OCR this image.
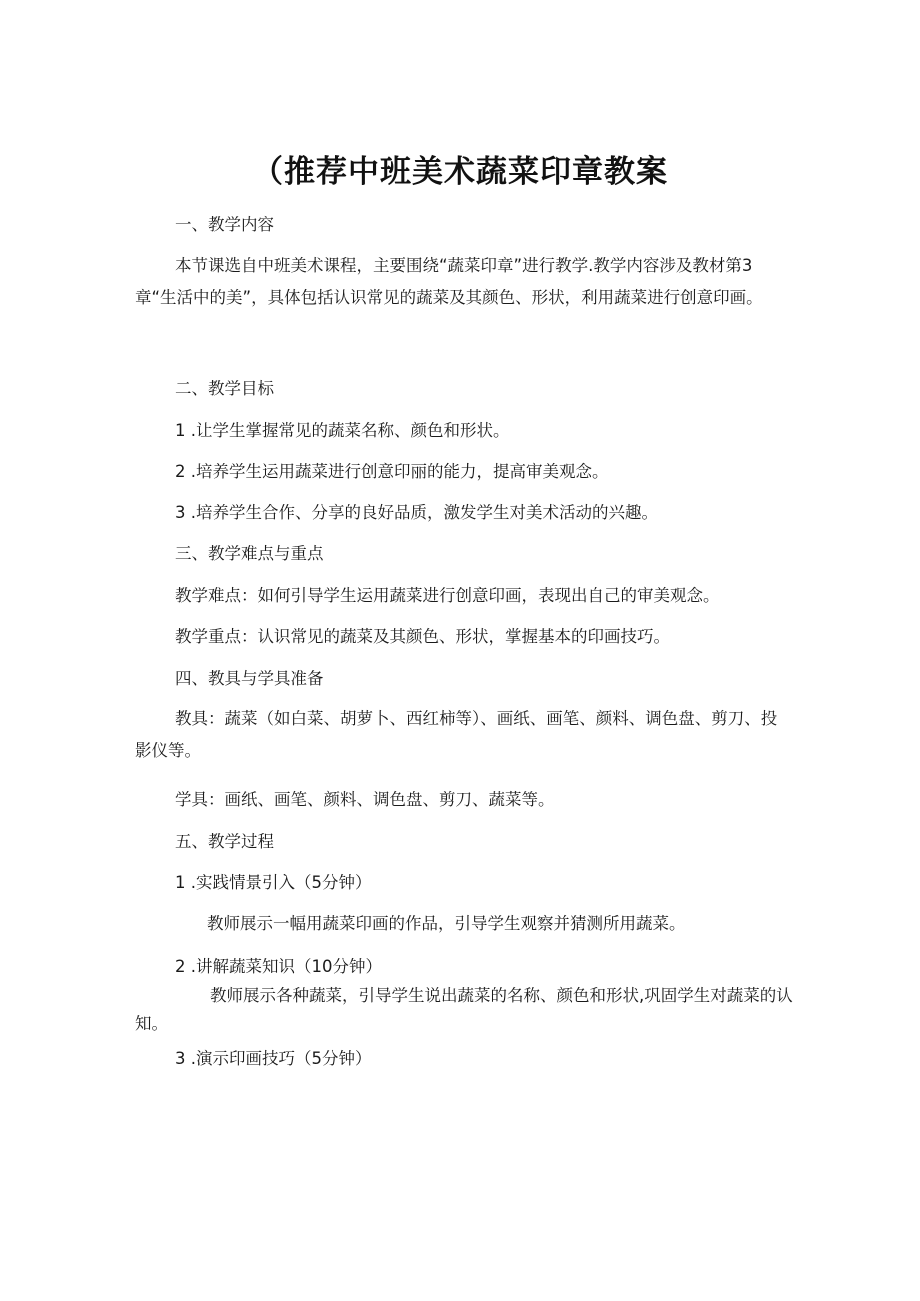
（推荐中班美术蔬菜印章教案
一、教学内容

本节课选自中班美术课程，主要围绕“蔬菜印章”进行教学.教学内容涉及教材第3章“生活中的美”，具体包括认识常见的蔬菜及其颜色、形状，利用蔬菜进行创意印画。

二、教学目标
1 .让学生掌握常见的蔬菜名称、颜色和形状。
2 .培养学生运用蔬菜进行创意印丽的能力，提高审美观念。
3 .培养学生合作、分享的良好品质，激发学生对美术活动的兴趣。
三、教学难点与重点
教学难点：如何引导学生运用蔬菜进行创意印画，表现出自己的审美观念。
教学重点：认识常见的蔬菜及其颜色、形状，掌握基本的印画技巧。
四、教具与学具准备

教具：蔬菜（如白菜、胡萝卜、西红柿等）、画纸、画笔、颜料、调色盘、剪刀、投影仪等。

学具：画纸、画笔、颜料、调色盘、剪刀、蔬菜等。
五、教学过程
1 .实践情景引入（5分钟）
教师展示一幅用蔬菜印画的作品，引导学生观察并猜测所用蔬菜。
2 .讲解蔬菜知识（10分钟）

教师展示各种蔬菜，引导学生说出蔬菜的名称、颜色和形状,巩固学生对蔬菜的认知。

3 .演示印画技巧（5分钟）
